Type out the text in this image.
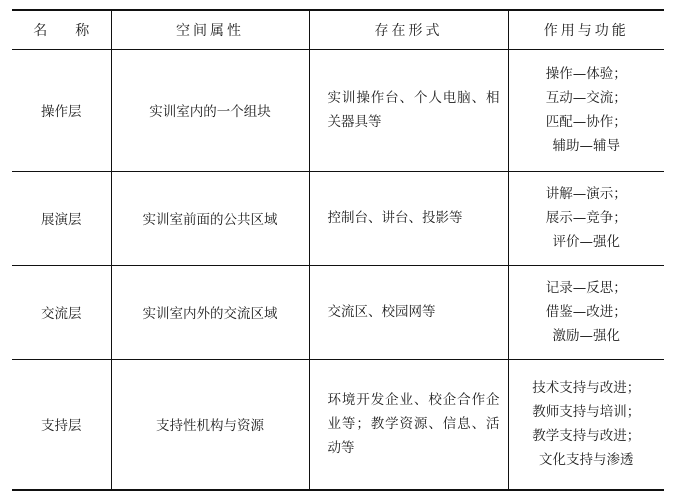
名　　称	空间属性	存在形式	作用与功能
操作层	实训室内的一个组块	实训操作台、个人电脑、相关器具等	操作—体验；
互动—交流；
匹配—协作；
辅助—辅导

展演层	实训室前面的公共区域	控制台、讲台、投影等	讲解—演示；
展示—竞争；
评价—强化

交流层	实训室内外的交流区域	交流区、校园网等	记录—反思；
借鉴—改进；
激励—强化

支持层	支持性机构与资源	环境开发企业、校企合作企业等；教学资源、信息、活动等	技术支持与改进；
教师支持与培训；
教学支持与改进；
文化支持与渗透
